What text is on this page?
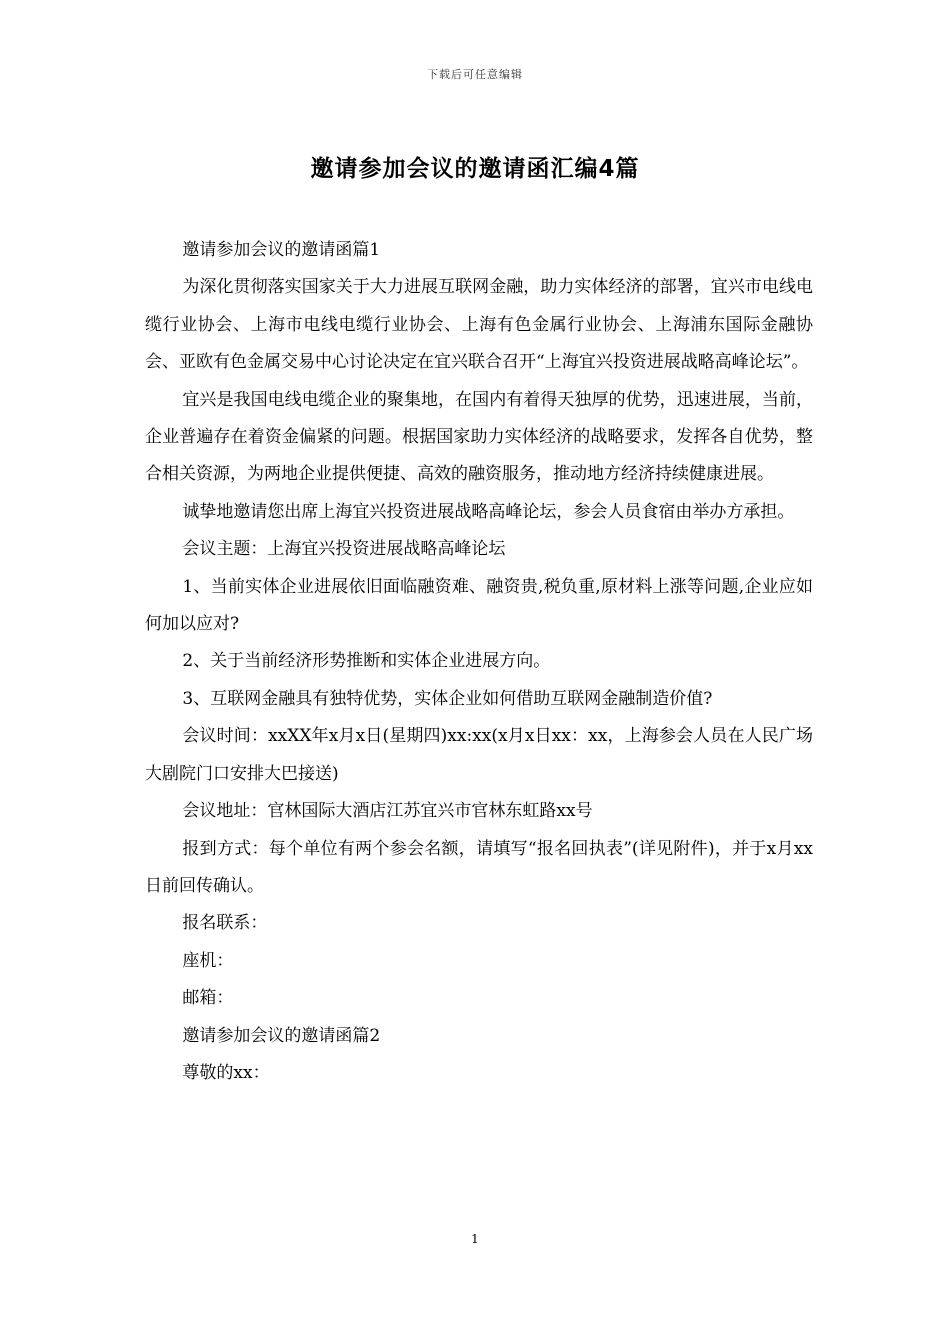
下载后可任意编辑
邀请参加会议的邀请函汇编4篇

邀请参加会议的邀请函篇1

为深化贯彻落实国家关于大力进展互联网金融，助力实体经济的部署，宜兴市电线电缆行业协会、上海市电线电缆行业协会、上海有色金属行业协会、上海浦东国际金融协会、亚欧有色金属交易中心讨论决定在宜兴联合召开“上海宜兴投资进展战略高峰论坛”。

宜兴是我国电线电缆企业的聚集地，在国内有着得天独厚的优势，迅速进展，当前，企业普遍存在着资金偏紧的问题。根据国家助力实体经济的战略要求，发挥各自优势，整合相关资源，为两地企业提供便捷、高效的融资服务，推动地方经济持续健康进展。

诚挚地邀请您出席上海宜兴投资进展战略高峰论坛，参会人员食宿由举办方承担。

会议主题：上海宜兴投资进展战略高峰论坛

1、当前实体企业进展依旧面临融资难、融资贵,税负重,原材料上涨等问题,企业应如何加以应对?

2、关于当前经济形势推断和实体企业进展方向。

3、互联网金融具有独特优势，实体企业如何借助互联网金融制造价值?

会议时间：xxXX年x月x日(星期四)xx:xx(x月x日xx：xx，上海参会人员在人民广场大剧院门口安排大巴接送)

会议地址：官林国际大酒店江苏宜兴市官林东虹路xx号

报到方式：每个单位有两个参会名额，请填写“报名回执表”(详见附件)，并于x月xx日前回传确认。

报名联系：

座机：

邮箱：

邀请参加会议的邀请函篇2

尊敬的xx：

1
